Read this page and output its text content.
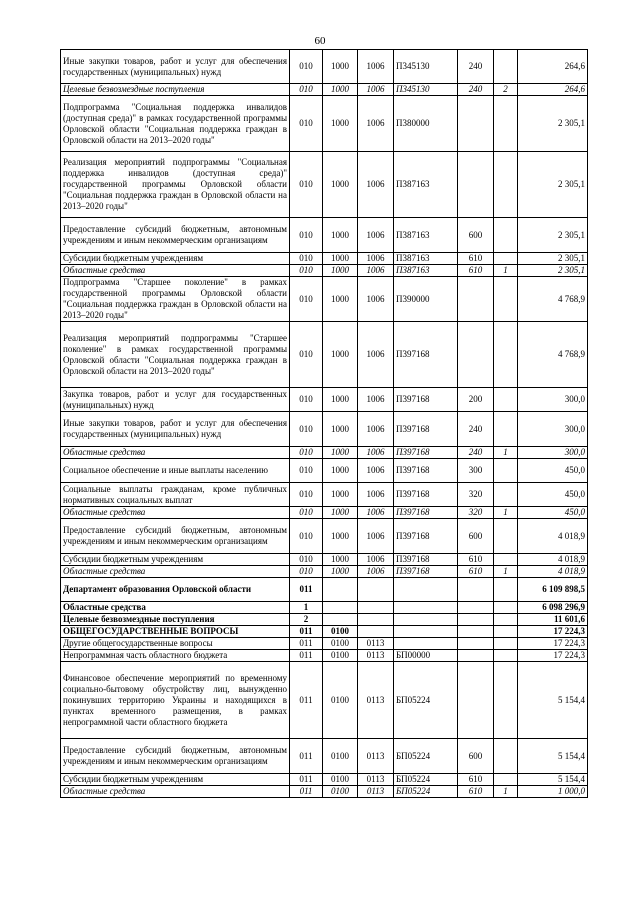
60
Иные закупки товаров, работ и услуг для обеспечения государственных (муниципальных) нужд	010	1000	1006	П345130	240		264,6
Целевые безвозмездные поступления	010	1000	1006	П345130	240	2	264,6
Подпрограмма "Социальная поддержка инвалидов (доступная среда)" в рамках государственной программы Орловской области "Социальная поддержка граждан в Орловской области на 2013–2020 годы"	010	1000	1006	П380000			2 305,1
Реализация мероприятий подпрограммы "Социальная поддержка инвалидов (доступная среда)" государственной программы Орловской области "Социальная поддержка граждан в Орловской области на 2013–2020 годы"	010	1000	1006	П387163			2 305,1
Предоставление субсидий бюджетным, автономным учреждениям и иным некоммерческим организациям	010	1000	1006	П387163	600		2 305,1
Субсидии бюджетным учреждениям	010	1000	1006	П387163	610		2 305,1
Областные средства	010	1000	1006	П387163	610	1	2 305,1
Подпрограмма "Старшее поколение" в рамках государственной программы Орловской области "Социальная поддержка граждан в Орловской области на 2013–2020 годы"	010	1000	1006	П390000			4 768,9
Реализация мероприятий подпрограммы "Старшее поколение" в рамках государственной программы Орловской области "Социальная поддержка граждан в Орловской области на 2013–2020 годы"	010	1000	1006	П397168			4 768,9
Закупка товаров, работ и услуг для государственных (муниципальных) нужд	010	1000	1006	П397168	200		300,0
Иные закупки товаров, работ и услуг для обеспечения государственных (муниципальных) нужд	010	1000	1006	П397168	240		300,0
Областные средства	010	1000	1006	П397168	240	1	300,0
Социальное обеспечение и иные выплаты населению	010	1000	1006	П397168	300		450,0
Социальные выплаты гражданам, кроме публичных нормативных социальных выплат	010	1000	1006	П397168	320		450,0
Областные средства	010	1000	1006	П397168	320	1	450,0
Предоставление субсидий бюджетным, автономным учреждениям и иным некоммерческим организациям	010	1000	1006	П397168	600		4 018,9
Субсидии бюджетным учреждениям	010	1000	1006	П397168	610		4 018,9
Областные средства	010	1000	1006	П397168	610	1	4 018,9
Департамент образования Орловской области	011						6 109 898,5
Областные средства	1						6 098 296,9
Целевые безвозмездные поступления	2						11 601,6
ОБЩЕГОСУДАРСТВЕННЫЕ ВОПРОСЫ	011	0100					17 224,3
Другие общегосударственные вопросы	011	0100	0113				17 224,3
Непрограммная часть областного бюджета	011	0100	0113	БП00000			17 224,3
Финансовое обеспечение мероприятий по временному социально-бытовому обустройству лиц, вынужденно покинувших территорию Украины и находящихся в пунктах временного размещения, в рамках непрограммной части областного бюджета	011	0100	0113	БП05224			5 154,4
Предоставление субсидий бюджетным, автономным учреждениям и иным некоммерческим организациям	011	0100	0113	БП05224	600		5 154,4
Субсидии бюджетным учреждениям	011	0100	0113	БП05224	610		5 154,4
Областные средства	011	0100	0113	БП05224	610	1	1 000,0
